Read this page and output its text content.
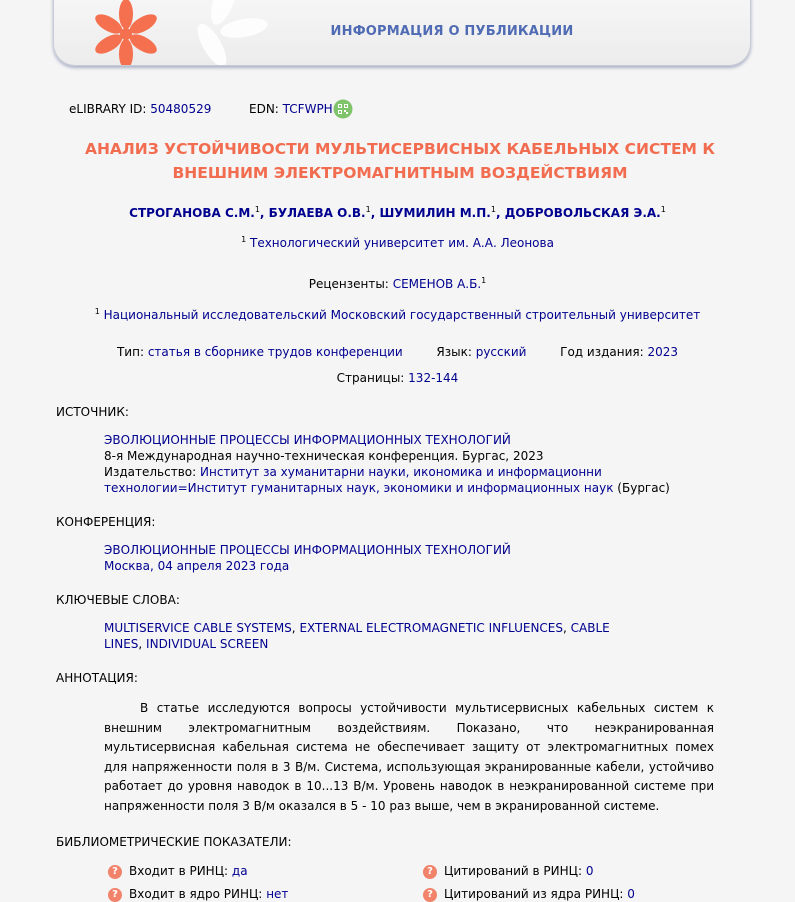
ИНФОРМАЦИЯ О ПУБЛИКАЦИИ
eLIBRARY ID: 50480529	EDN: TCFWPH
АНАЛИЗ УСТОЙЧИВОСТИ МУЛЬТИСЕРВИСНЫХ КАБЕЛЬНЫХ СИСТЕМ К
ВНЕШНИМ ЭЛЕКТРОМАГНИТНЫМ ВОЗДЕЙСТВИЯМ
СТРОГАНОВА С.М.$^1$, БУЛАЕВА О.В.$^1$, ШУМИЛИН М.П.$^1$, ДОБРОВОЛЬСКАЯ Э.А.$^1$
$^1$ Технологический университет им. А.А. Леонова
Рецензенты: СЕМЕНОВ А.Б.$^1$
$^1$ Национальный исследовательский Московский государственный строительный университет
Тип: статья в сборнике трудов конференции	Язык: русский	Год издания: 2023
Страницы: 132-144
ИСТОЧНИК:
ЭВОЛЮЦИОННЫЕ ПРОЦЕССЫ ИНФОРМАЦИОННЫХ ТЕХНОЛОГИЙ
8-я Международная научно-техническая конференция. Бургас, 2023
Издательство: Институт за хуманитарни науки, икономика и информационни технологии=Институт гуманитарных наук, экономики и информационных наук (Бургас)
КОНФЕРЕНЦИЯ:
ЭВОЛЮЦИОННЫЕ ПРОЦЕССЫ ИНФОРМАЦИОННЫХ ТЕХНОЛОГИЙ
Москва, 04 апреля 2023 года
КЛЮЧЕВЫЕ СЛОВА:
MULTISERVICE CABLE SYSTEMS, EXTERNAL ELECTROMAGNETIC INFLUENCES, CABLE LINES, INDIVIDUAL SCREEN
АННОТАЦИЯ:
В статье исследуются вопросы устойчивости мультисервисных кабельных систем к внешним электромагнитным воздействиям. Показано, что неэкранированная мультисервисная кабельная система не обеспечивает защиту от электромагнитных помех для напряженности поля в 3 В/м. Система, использующая экранированные кабели, устойчиво работает до уровня наводок в 10...13 В/м. Уровень наводок в неэкранированной системе при напряженности поля 3 В/м оказался в 5 - 10 раз выше, чем в экранированной системе.
БИБЛИОМЕТРИЧЕСКИЕ ПОКАЗАТЕЛИ:
? Входит в РИНЦ: да
? Входит в ядро РИНЦ: нет
? Цитирований в РИНЦ: 0
? Цитирований из ядра РИНЦ: 0
